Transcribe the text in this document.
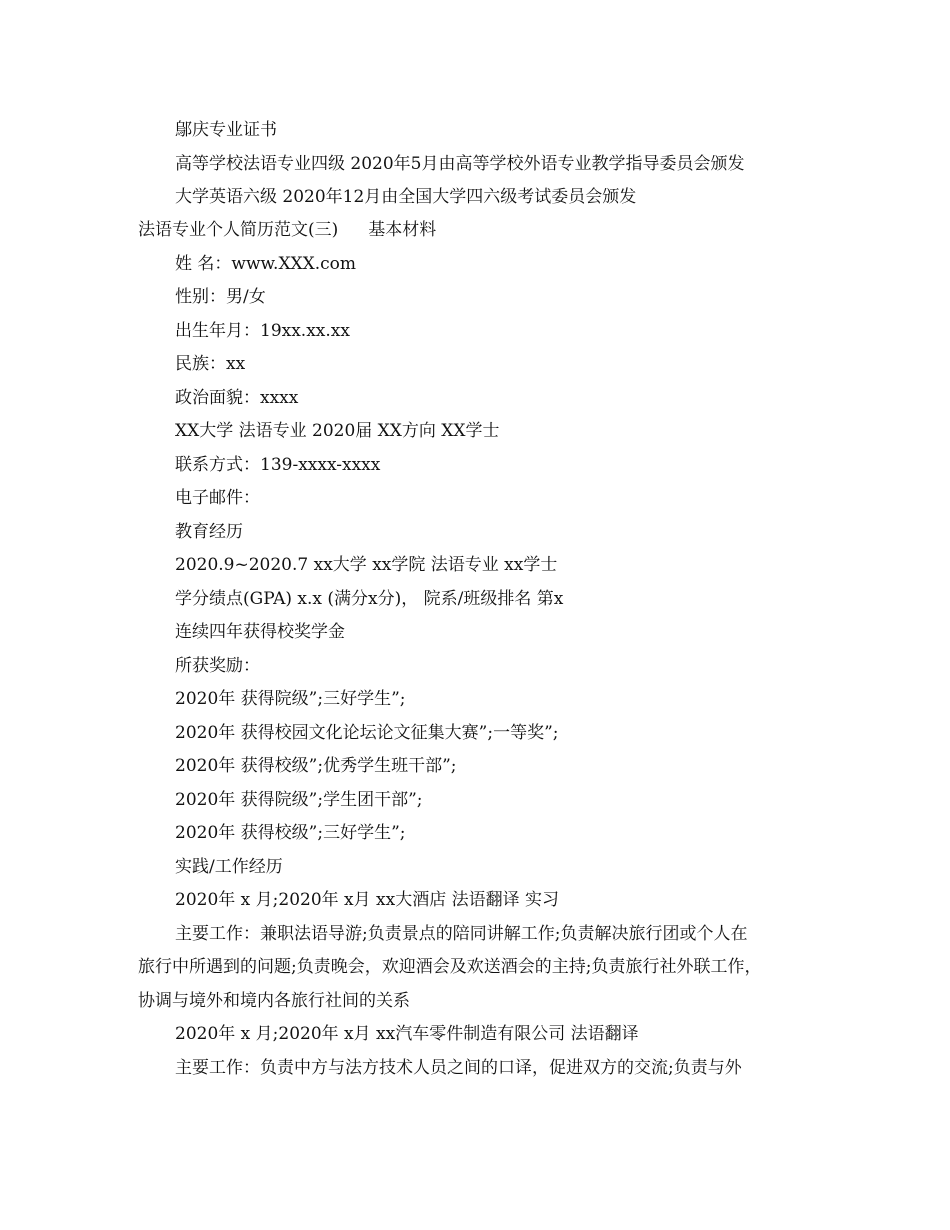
鄔庆专业证书
高等学校法语专业四级 2020年5月由高等学校外语专业教学指导委员会颁发
大学英语六级 2020年12月由全国大学四六级考试委员会颁发
法语专业个人简历范文(三) 基本材料
姓 名：www.XXX.com
性别：男/女
出生年月：19xx.xx.xx
民族：xx
政治面貌：xxxx
XX大学 法语专业 2020届 XX方向 XX学士
联系方式：139-xxxx-xxxx
电子邮件：
教育经历
2020.9~2020.7 xx大学 xx学院 法语专业 xx学士
学分绩点(GPA) x.x (满分x分)， 院系/班级排名 第x
连续四年获得校奖学金
所获奖励：
2020年 获得院级”;三好学生”;
2020年 获得校园文化论坛论文征集大赛”;一等奖”;
2020年 获得校级”;优秀学生班干部”;
2020年 获得院级”;学生团干部”;
2020年 获得校级”;三好学生”;
实践/工作经历
2020年 x 月;2020年 x月 xx大酒店 法语翻译 实习
主要工作：兼职法语导游;负责景点的陪同讲解工作;负责解决旅行团或个人在
旅行中所遇到的问题;负责晚会，欢迎酒会及欢送酒会的主持;负责旅行社外联工作，
协调与境外和境内各旅行社间的关系
2020年 x 月;2020年 x月 xx汽车零件制造有限公司 法语翻译
主要工作：负责中方与法方技术人员之间的口译，促进双方的交流;负责与外
